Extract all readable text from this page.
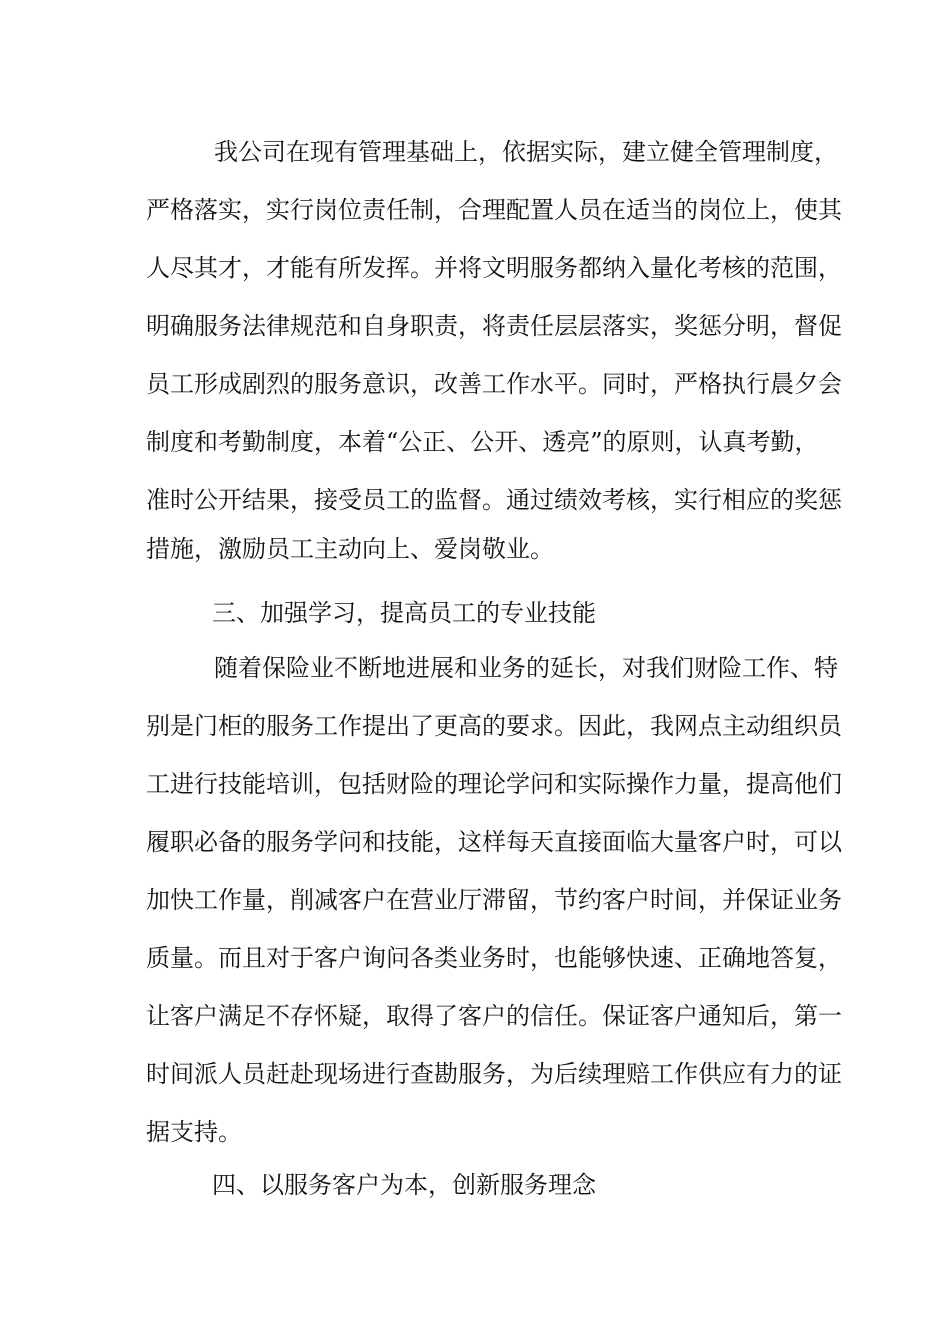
我公司在现有管理基础上，依据实际，建立健全管理制度，
严格落实，实行岗位责任制，合理配置人员在适当的岗位上，使其
人尽其才，才能有所发挥。并将文明服务都纳入量化考核的范围，
明确服务法律规范和自身职责，将责任层层落实，奖惩分明，督促
员工形成剧烈的服务意识，改善工作水平。同时，严格执行晨夕会
制度和考勤制度，本着“公正、公开、透亮”的原则，认真考勤，
准时公开结果，接受员工的监督。通过绩效考核，实行相应的奖惩
措施，激励员工主动向上、爱岗敬业。
三、加强学习，提高员工的专业技能
随着保险业不断地进展和业务的延长，对我们财险工作、特
别是门柜的服务工作提出了更高的要求。因此，我网点主动组织员
工进行技能培训，包括财险的理论学问和实际操作力量，提高他们
履职必备的服务学问和技能，这样每天直接面临大量客户时，可以
加快工作量，削减客户在营业厅滞留，节约客户时间，并保证业务
质量。而且对于客户询问各类业务时，也能够快速、正确地答复，
让客户满足不存怀疑，取得了客户的信任。保证客户通知后，第一
时间派人员赶赴现场进行查勘服务，为后续理赔工作供应有力的证
据支持。
四、以服务客户为本，创新服务理念
